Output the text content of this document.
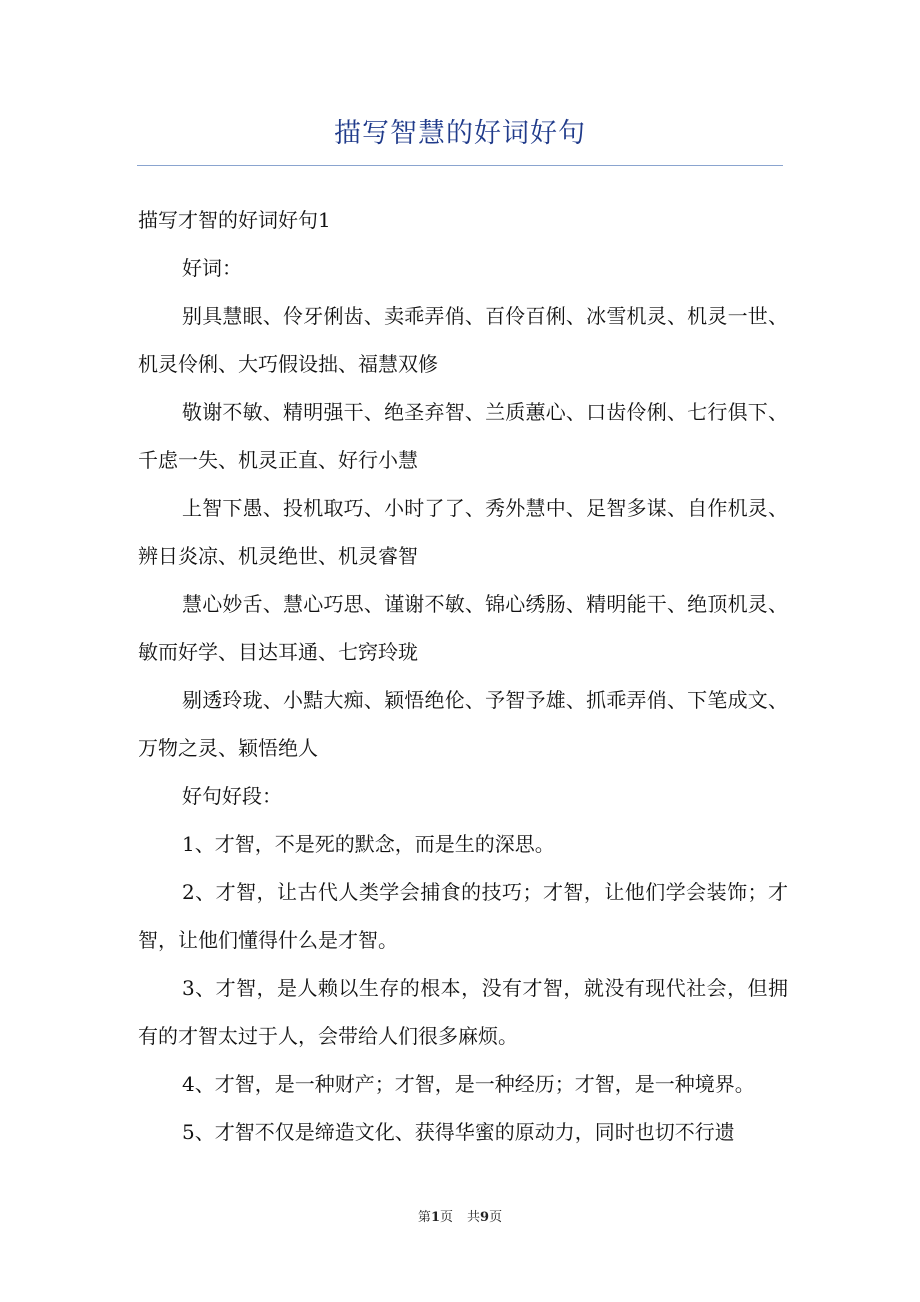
描写智慧的好词好句

描写才智的好词好句1

好词：

别具慧眼、伶牙俐齿、卖乖弄俏、百伶百俐、冰雪机灵、机灵一世、机灵伶俐、大巧假设拙、福慧双修

敬谢不敏、精明强干、绝圣弃智、兰质蕙心、口齿伶俐、七行俱下、千虑一失、机灵正直、好行小慧

上智下愚、投机取巧、小时了了、秀外慧中、足智多谋、自作机灵、辨日炎凉、机灵绝世、机灵睿智

慧心妙舌、慧心巧思、谨谢不敏、锦心绣肠、精明能干、绝顶机灵、敏而好学、目达耳通、七窍玲珑

剔透玲珑、小黠大痴、颖悟绝伦、予智予雄、抓乖弄俏、下笔成文、万物之灵、颖悟绝人

好句好段：

1、才智，不是死的默念，而是生的深思。

2、才智，让古代人类学会捕食的技巧；才智，让他们学会装饰；才智，让他们懂得什么是才智。

3、才智，是人赖以生存的根本，没有才智，就没有现代社会，但拥有的才智太过于人，会带给人们很多麻烦。

4、才智，是一种财产；才智，是一种经历；才智，是一种境界。

5、才智不仅是缔造文化、获得华蜜的原动力，同时也切不行遗

第1页 共9页
